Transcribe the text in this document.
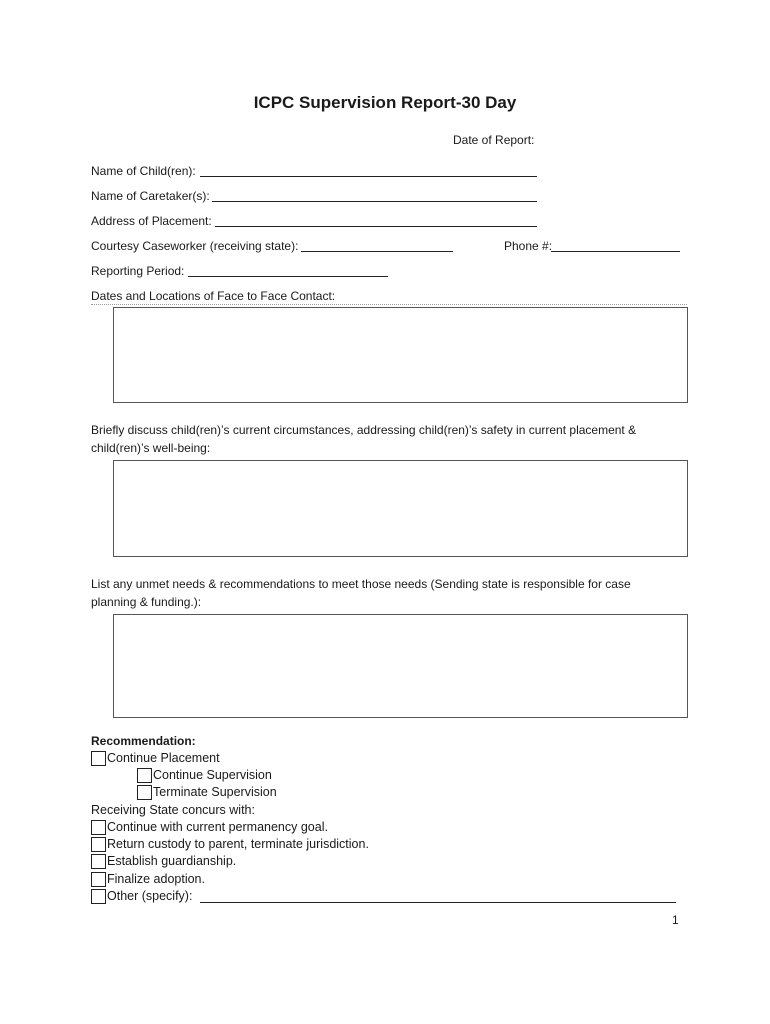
ICPC Supervision Report-30 Day
Date of Report:
Name of Child(ren):
Name of Caretaker(s):
Address of Placement:
Courtesy Caseworker (receiving state):	Phone #:
Reporting Period:
Dates and Locations of Face to Face Contact:
Briefly discuss child(ren)’s current circumstances, addressing child(ren)’s safety in current placement &
child(ren)’s well-being:
List any unmet needs & recommendations to meet those needs (Sending state is responsible for case
planning & funding.):
Recommendation:
Continue Placement
Continue Supervision
Terminate Supervision
Receiving State concurs with:
Continue with current permanency goal.
Return custody to parent, terminate jurisdiction.
Establish guardianship.
Finalize adoption.
Other (specify):
1
